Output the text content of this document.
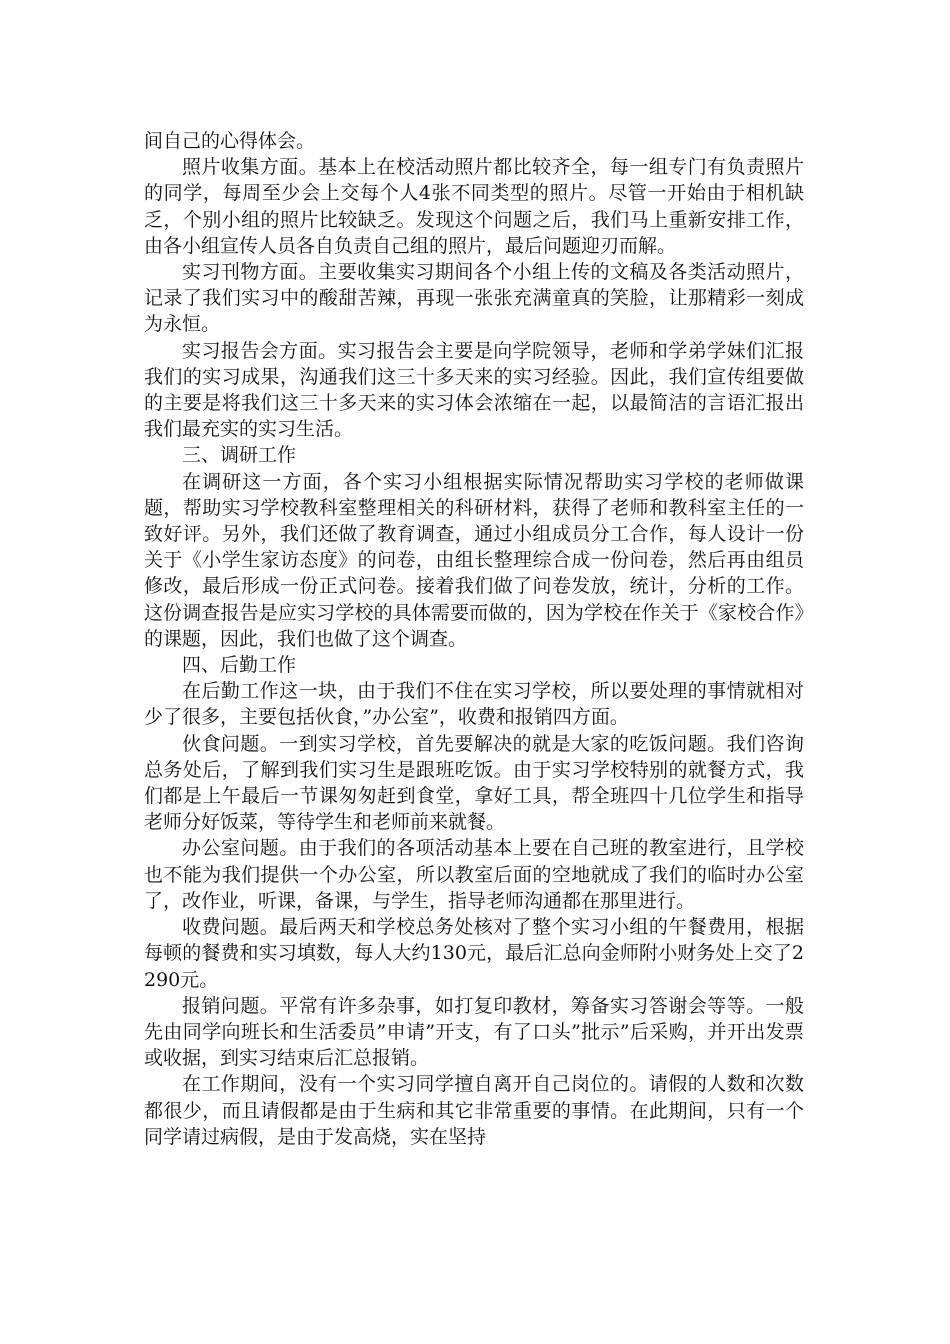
间自己的心得体会。

照片收集方面。基本上在校活动照片都比较齐全，每一组专门有负责照片的同学，每周至少会上交每个人4张不同类型的照片。尽管一开始由于相机缺乏，个别小组的照片比较缺乏。发现这个问题之后，我们马上重新安排工作，由各小组宣传人员各自负责自己组的照片，最后问题迎刃而解。

实习刊物方面。主要收集实习期间各个小组上传的文稿及各类活动照片，记录了我们实习中的酸甜苦辣，再现一张张充满童真的笑脸，让那精彩一刻成为永恒。

实习报告会方面。实习报告会主要是向学院领导，老师和学弟学妹们汇报我们的实习成果，沟通我们这三十多天来的实习经验。因此，我们宣传组要做的主要是将我们这三十多天来的实习体会浓缩在一起，以最简洁的言语汇报出我们最充实的实习生活。

三、调研工作

在调研这一方面，各个实习小组根据实际情况帮助实习学校的老师做课题，帮助实习学校教科室整理相关的科研材料，获得了老师和教科室主任的一致好评。另外，我们还做了教育调查，通过小组成员分工合作，每人设计一份关于《小学生家访态度》的问卷，由组长整理综合成一份问卷，然后再由组员修改，最后形成一份正式问卷。接着我们做了问卷发放，统计，分析的工作。这份调查报告是应实习学校的具体需要而做的，因为学校在作关于《家校合作》的课题，因此，我们也做了这个调查。

四、后勤工作

在后勤工作这一块，由于我们不住在实习学校，所以要处理的事情就相对少了很多，主要包括伙食，”办公室”，收费和报销四方面。

伙食问题。一到实习学校，首先要解决的就是大家的吃饭问题。我们咨询总务处后，了解到我们实习生是跟班吃饭。由于实习学校特别的就餐方式，我们都是上午最后一节课匆匆赶到食堂，拿好工具，帮全班四十几位学生和指导老师分好饭菜，等待学生和老师前来就餐。

办公室问题。由于我们的各项活动基本上要在自己班的教室进行，且学校也不能为我们提供一个办公室，所以教室后面的空地就成了我们的临时办公室了，改作业，听课，备课，与学生，指导老师沟通都在那里进行。

收费问题。最后两天和学校总务处核对了整个实习小组的午餐费用，根据每顿的餐费和实习填数，每人大约130元，最后汇总向金师附小财务处上交了2290元。

报销问题。平常有许多杂事，如打复印教材，筹备实习答谢会等等。一般先由同学向班长和生活委员”申请”开支，有了口头”批示”后采购，并开出发票或收据，到实习结束后汇总报销。

在工作期间，没有一个实习同学擅自离开自己岗位的。请假的人数和次数都很少，而且请假都是由于生病和其它非常重要的事情。在此期间，只有一个同学请过病假，是由于发高烧，实在坚持
